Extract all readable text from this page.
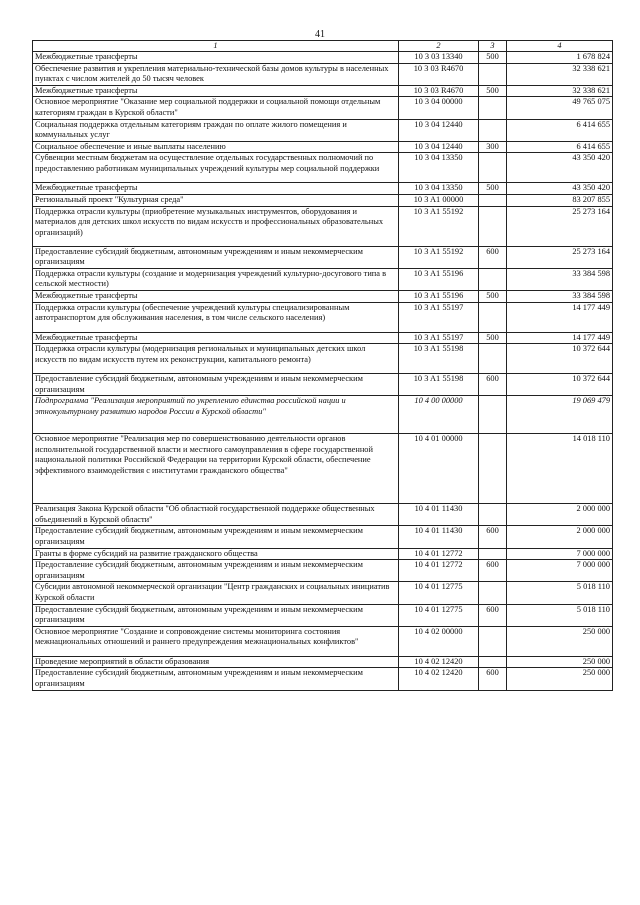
41
1	2	3	4
Межбюджетные трансферты	10 3 03 13340	500	1 678 824
Обеспечение развития и укрепления материально-технической базы домов культуры в населенных пунктах с числом жителей до 50 тысяч человек	10 3 03 R4670		32 338 621
Межбюджетные трансферты	10 3 03 R4670	500	32 338 621
Основное мероприятие "Оказание мер социальной поддержки и социальной помощи отдельным категориям граждан в Курской области"	10 3 04 00000		49 765 075
Социальная поддержка отдельным категориям граждан по оплате жилого помещения и коммунальных услуг	10 3 04 12440		6 414 655
Социальное обеспечение и иные выплаты населению	10 3 04 12440	300	6 414 655
Субвенции местным бюджетам на осуществление отдельных государственных полномочий по предоставлению работникам муниципальных учреждений культуры мер социальной поддержки	10 3 04 13350		43 350 420
Межбюджетные трансферты	10 3 04 13350	500	43 350 420
Региональный проект "Культурная среда"	10 3 A1 00000		83 207 855
Поддержка отрасли культуры (приобретение музыкальных инструментов, оборудования и материалов для детских школ искусств по видам искусств и профессиональных образовательных организаций)	10 3 A1 55192		25 273 164
Предоставление субсидий бюджетным, автономным учреждениям и иным некоммерческим организациям	10 3 A1 55192	600	25 273 164
Поддержка отрасли культуры (создание и модернизация учреждений культурно-досугового типа в сельской местности)	10 3 A1 55196		33 384 598
Межбюджетные трансферты	10 3 A1 55196	500	33 384 598
Поддержка отрасли культуры (обеспечение учреждений культуры специализированным автотранспортом для обслуживания населения, в том числе сельского населения)	10 3 A1 55197		14 177 449
Межбюджетные трансферты	10 3 A1 55197	500	14 177 449
Поддержка отрасли культуры (модернизация региональных и муниципальных детских школ искусств по видам искусств путем их реконструкции, капитального ремонта)	10 3 A1 55198		10 372 644
Предоставление субсидий бюджетным, автономным учреждениям и иным некоммерческим организациям	10 3 A1 55198	600	10 372 644
Подпрограмма "Реализация мероприятий по укреплению единства российской нации и этнокультурному развитию народов России в Курской области"	10 4 00 00000		19 069 479
Основное мероприятие "Реализация мер по совершенствованию деятельности органов исполнительной государственной власти и местного самоуправления в сфере государственной национальной политики Российской Федерации на территории Курской области, обеспечение эффективного взаимодействия с институтами гражданского общества"	10 4 01 00000		14 018 110
Реализация Закона Курской области "Об областной государственной поддержке общественных объединений в Курской области"	10 4 01 11430		2 000 000
Предоставление субсидий бюджетным, автономным учреждениям и иным некоммерческим организациям	10 4 01 11430	600	2 000 000
Гранты в форме субсидий на развитие гражданского общества	10 4 01 12772		7 000 000
Предоставление субсидий бюджетным, автономным учреждениям и иным некоммерческим организациям	10 4 01 12772	600	7 000 000
Субсидии автономной некоммерческой организации "Центр гражданских и социальных инициатив Курской области	10 4 01 12775		5 018 110
Предоставление субсидий бюджетным, автономным учреждениям и иным некоммерческим организациям	10 4 01 12775	600	5 018 110
Основное мероприятие "Создание и сопровождение системы мониторинга состояния межнациональных отношений и раннего предупреждения межнациональных конфликтов"	10 4 02 00000		250 000
Проведение мероприятий в области образования	10 4 02 12420		250 000
Предоставление субсидий бюджетным, автономным учреждениям и иным некоммерческим организациям	10 4 02 12420	600	250 000
